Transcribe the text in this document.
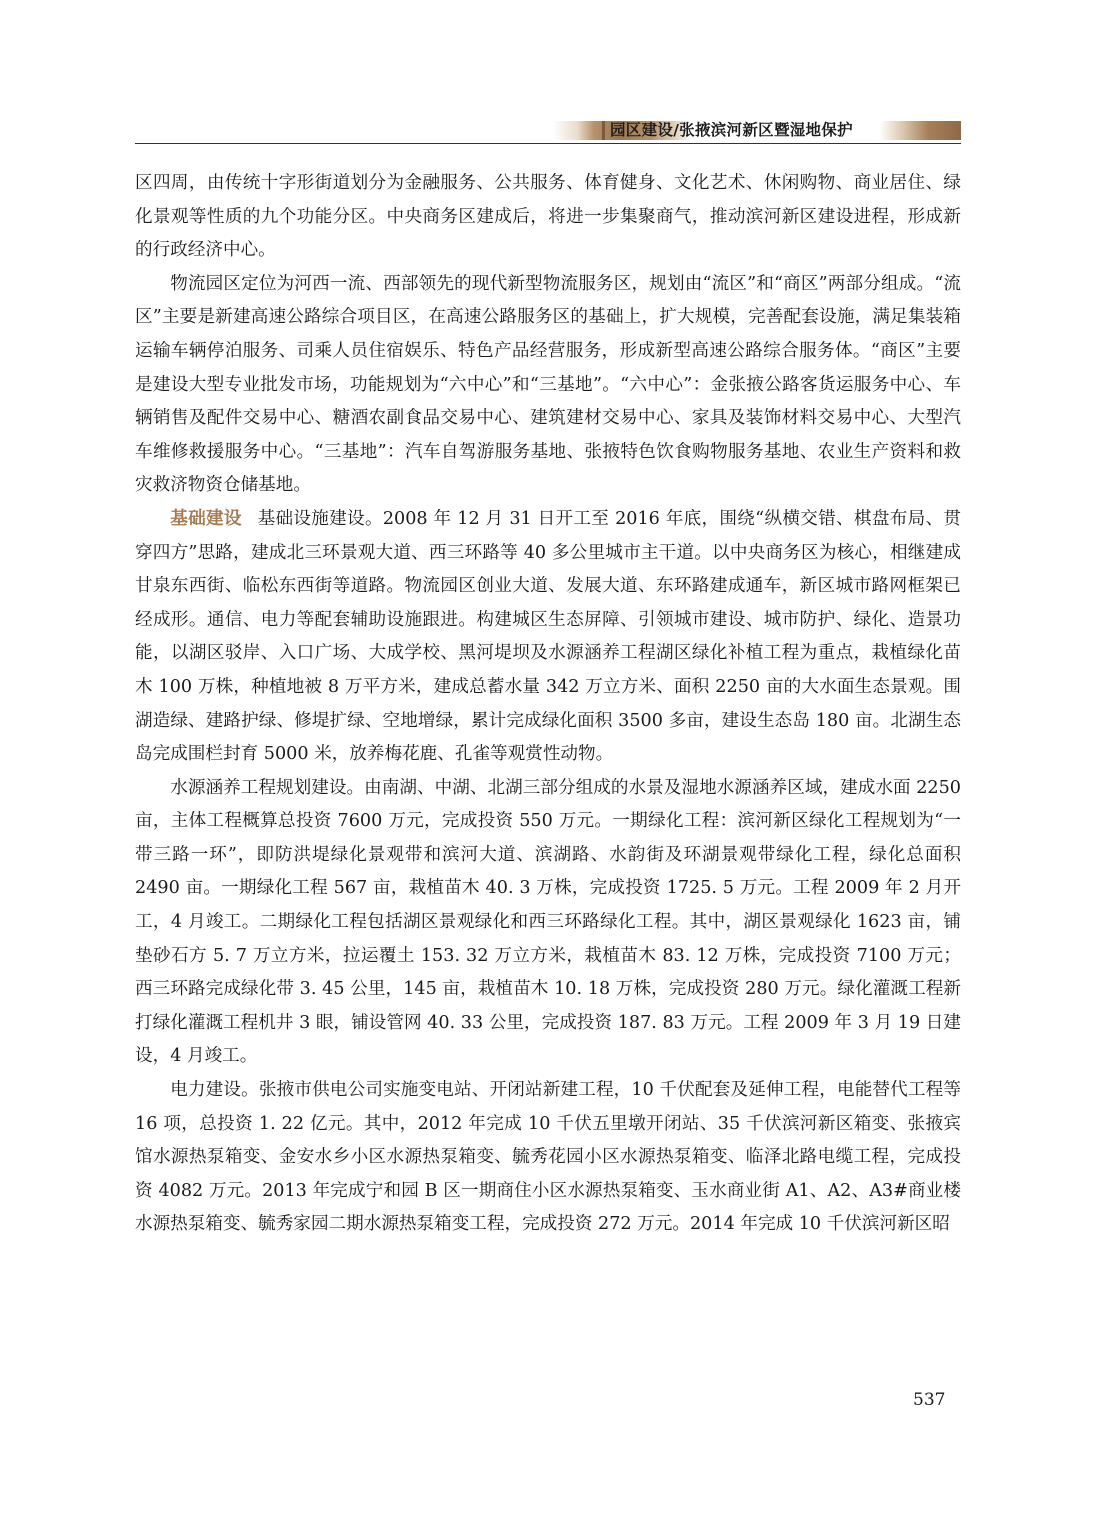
园区建设/张掖滨河新区暨湿地保护

区四周，由传统十字形街道划分为金融服务、公共服务、体育健身、文化艺术、休闲购物、商业居住、绿化景观等性质的九个功能分区。中央商务区建成后，将进一步集聚商气，推动滨河新区建设进程，形成新的行政经济中心。

物流园区定位为河西一流、西部领先的现代新型物流服务区，规划由“流区”和“商区”两部分组成。“流区”主要是新建高速公路综合项目区，在高速公路服务区的基础上，扩大规模，完善配套设施，满足集装箱运输车辆停泊服务、司乘人员住宿娱乐、特色产品经营服务，形成新型高速公路综合服务体。“商区”主要是建设大型专业批发市场，功能规划为“六中心”和“三基地”。“六中心”：金张掖公路客货运服务中心、车辆销售及配件交易中心、糖酒农副食品交易中心、建筑建材交易中心、家具及装饰材料交易中心、大型汽车维修救援服务中心。“三基地”：汽车自驾游服务基地、张掖特色饮食购物服务基地、农业生产资料和救灾救济物资仓储基地。

基础建设 基础设施建设。2008 年 12 月 31 日开工至 2016 年底，围绕“纵横交错、棋盘布局、贯穿四方”思路，建成北三环景观大道、西三环路等 40 多公里城市主干道。以中央商务区为核心，相继建成甘泉东西街、临松东西街等道路。物流园区创业大道、发展大道、东环路建成通车，新区城市路网框架已经成形。通信、电力等配套辅助设施跟进。构建城区生态屏障、引领城市建设、城市防护、绿化、造景功能，以湖区驳岸、入口广场、大成学校、黑河堤坝及水源涵养工程湖区绿化补植工程为重点，栽植绿化苗木 100 万株，种植地被 8 万平方米，建成总蓄水量 342 万立方米、面积 2250 亩的大水面生态景观。围湖造绿、建路护绿、修堤扩绿、空地增绿，累计完成绿化面积 3500 多亩，建设生态岛 180 亩。北湖生态岛完成围栏封育 5000 米，放养梅花鹿、孔雀等观赏性动物。

水源涵养工程规划建设。由南湖、中湖、北湖三部分组成的水景及湿地水源涵养区域，建成水面 2250 亩，主体工程概算总投资 7600 万元，完成投资 550 万元。一期绿化工程：滨河新区绿化工程规划为“一带三路一环”，即防洪堤绿化景观带和滨河大道、滨湖路、水韵街及环湖景观带绿化工程，绿化总面积 2490 亩。一期绿化工程 567 亩，栽植苗木 40. 3 万株，完成投资 1725. 5 万元。工程 2009 年 2 月开工，4 月竣工。二期绿化工程包括湖区景观绿化和西三环路绿化工程。其中，湖区景观绿化 1623 亩，铺垫砂石方 5. 7 万立方米，拉运覆土 153. 32 万立方米，栽植苗木 83. 12 万株，完成投资 7100 万元；西三环路完成绿化带 3. 45 公里，145 亩，栽植苗木 10. 18 万株，完成投资 280 万元。绿化灌溉工程新打绿化灌溉工程机井 3 眼，铺设管网 40. 33 公里，完成投资 187. 83 万元。工程 2009 年 3 月 19 日建设，4 月竣工。

电力建设。张掖市供电公司实施变电站、开闭站新建工程，10 千伏配套及延伸工程，电能替代工程等 16 项，总投资 1. 22 亿元。其中，2012 年完成 10 千伏五里墩开闭站、35 千伏滨河新区箱变、张掖宾馆水源热泵箱变、金安水乡小区水源热泵箱变、毓秀花园小区水源热泵箱变、临泽北路电缆工程，完成投资 4082 万元。2013 年完成宁和园 B 区一期商住小区水源热泵箱变、玉水商业街 A1、A2、A3#商业楼水源热泵箱变、毓秀家园二期水源热泵箱变工程，完成投资 272 万元。2014 年完成 10 千伏滨河新区昭

537
